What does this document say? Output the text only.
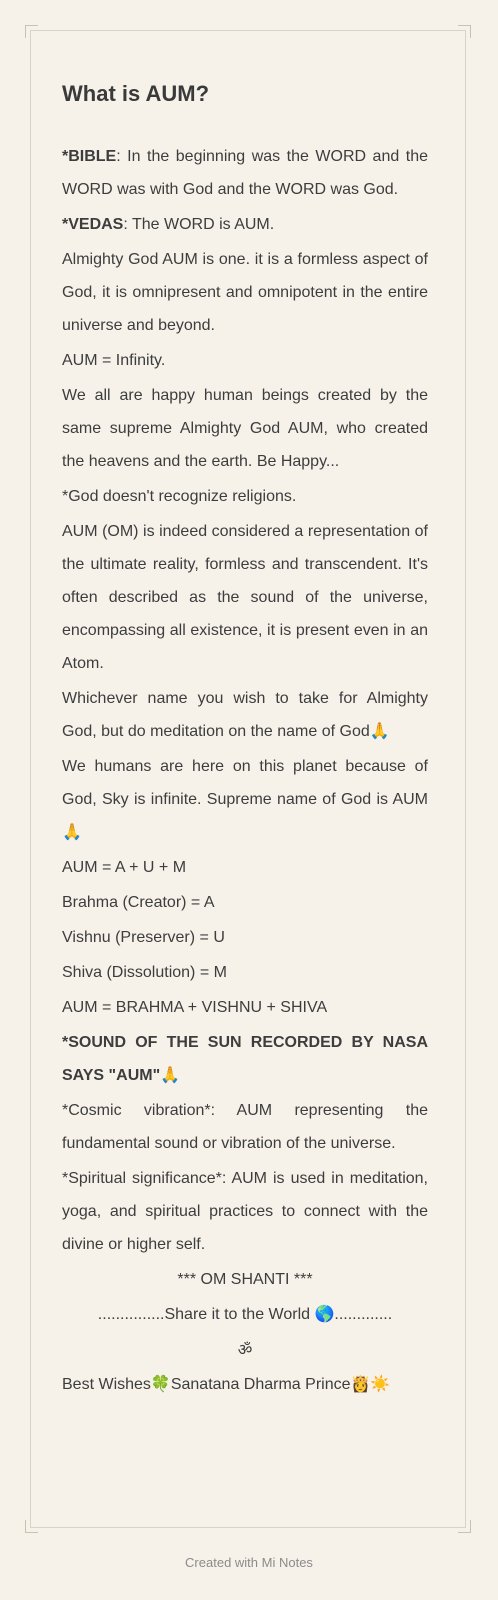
What is AUM?
*BIBLE: In the beginning was the WORD and the WORD was with God and the WORD was God.
*VEDAS: The WORD is AUM.
Almighty God AUM is one. it is a formless aspect of God, it is omnipresent and omnipotent in the entire universe and beyond.
AUM = Infinity.
We all are happy human beings created by the same supreme Almighty God AUM, who created the heavens and the earth. Be Happy...
*God doesn't recognize religions.
AUM (OM) is indeed considered a representation of the ultimate reality, formless and transcendent. It's often described as the sound of the universe, encompassing all existence, it is present even in an Atom.
Whichever name you wish to take for Almighty God, but do meditation on the name of God🙏
We humans are here on this planet because of God, Sky is infinite. Supreme name of God is AUM🙏
AUM = A + U + M
Brahma (Creator) = A
Vishnu (Preserver) = U
Shiva (Dissolution) = M
AUM = BRAHMA + VISHNU + SHIVA
*SOUND OF THE SUN RECORDED BY NASA SAYS "AUM"🙏
*Cosmic vibration*: AUM representing the fundamental sound or vibration of the universe.
*Spiritual significance*: AUM is used in meditation, yoga, and spiritual practices to connect with the divine or higher self.
*** OM SHANTI ***
...............Share it to the World 🌎.............
ॐ
Best Wishes🍀Sanatana Dharma Prince👸☀️
Created with Mi Notes
